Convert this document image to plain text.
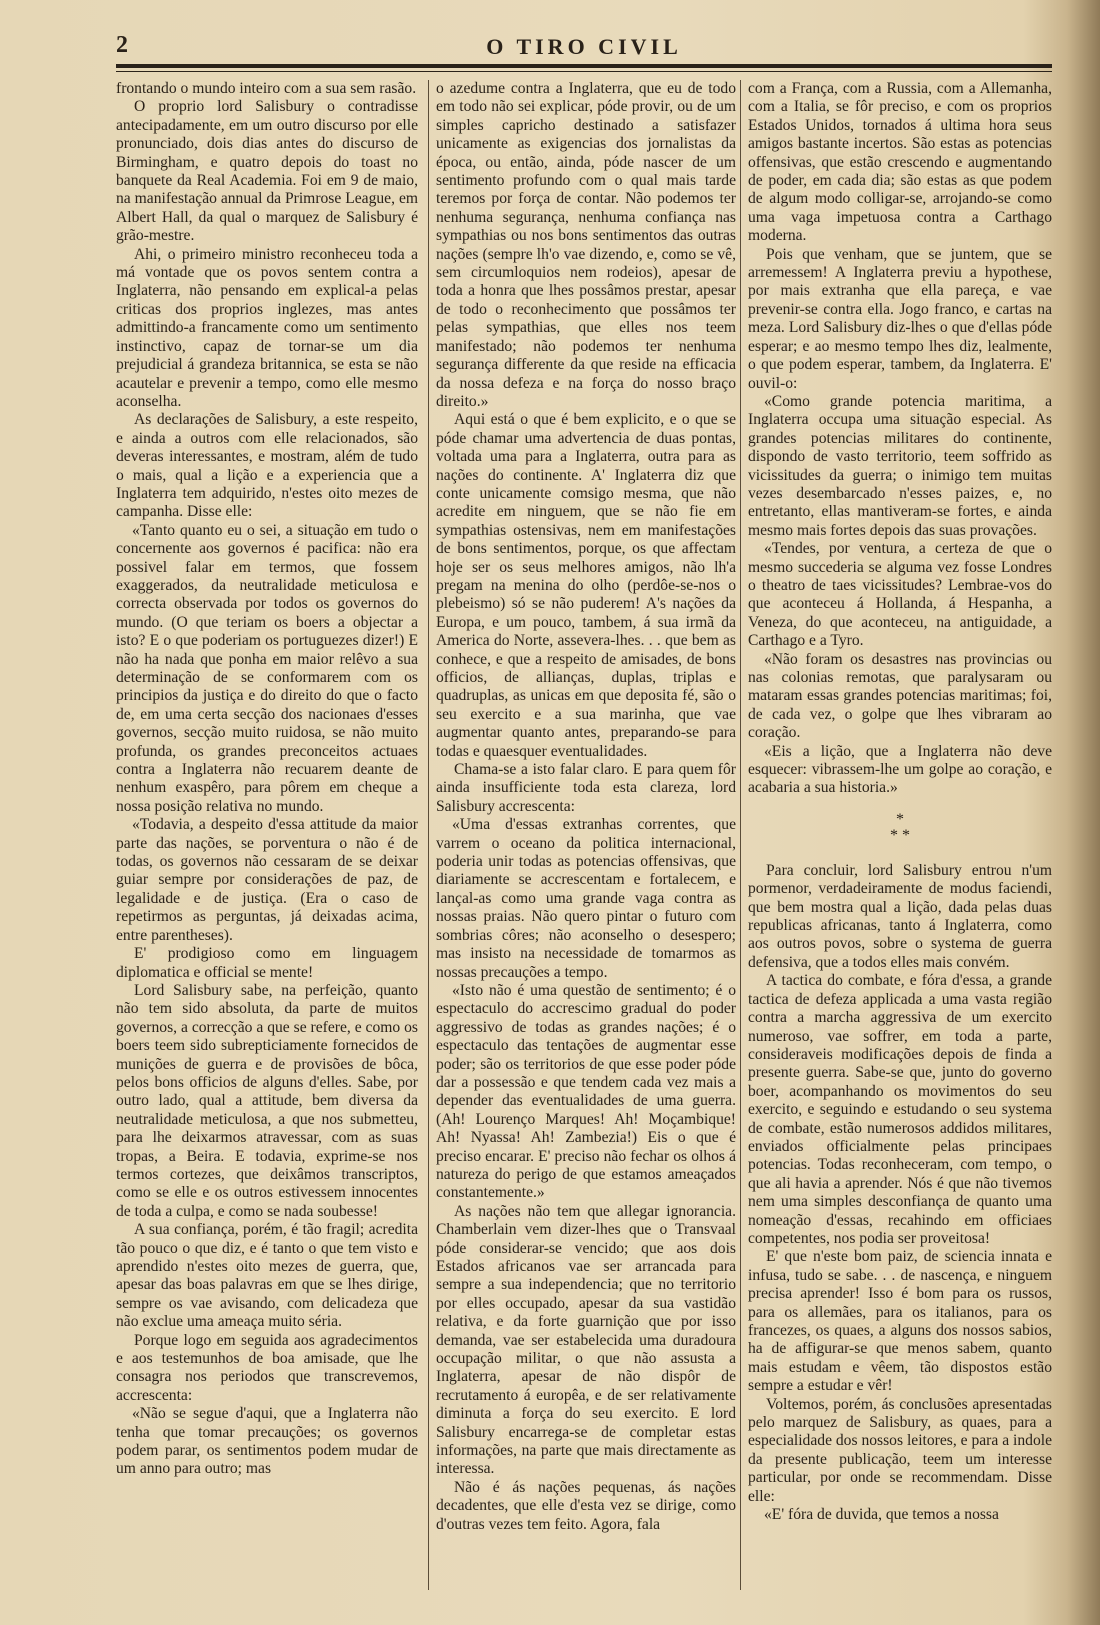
2	O TIRO CIVIL

frontando o mundo inteiro com a sua sem rasão.

O proprio lord Salisbury o contradisse antecipadamente, em um outro discurso por elle pronunciado, dois dias antes do discurso de Birmingham, e quatro depois do toast no banquete da Real Academia. Foi em 9 de maio, na manifestação annual da Primrose League, em Albert Hall, da qual o marquez de Salisbury é grão-mestre.

Ahi, o primeiro ministro reconheceu toda a má vontade que os povos sentem contra a Inglaterra, não pensando em explical-a pelas criticas dos proprios inglezes, mas antes admittindo-a francamente como um sentimento instinctivo, capaz de tornar-se um dia prejudicial á grandeza britannica, se esta se não acautelar e prevenir a tempo, como elle mesmo aconselha.

As declarações de Salisbury, a este respeito, e ainda a outros com elle relacionados, são deveras interessantes, e mostram, além de tudo o mais, qual a lição e a experiencia que a Inglaterra tem adquirido, n'estes oito mezes de campanha. Disse elle:

«Tanto quanto eu o sei, a situação em tudo o concernente aos governos é pacifica: não era possivel falar em termos, que fossem exaggerados, da neutralidade meticulosa e correcta observada por todos os governos do mundo. (O que teriam os boers a objectar a isto? E o que poderiam os portuguezes dizer!) E não ha nada que ponha em maior relêvo a sua determinação de se conformarem com os principios da justiça e do direito do que o facto de, em uma certa secção dos nacionaes d'esses governos, secção muito ruidosa, se não muito profunda, os grandes preconceitos actuaes contra a Inglaterra não recuarem deante de nenhum exaspêro, para pôrem em cheque a nossa posição relativa no mundo.

«Todavia, a despeito d'essa attitude da maior parte das nações, se porventura o não é de todas, os governos não cessaram de se deixar guiar sempre por considerações de paz, de legalidade e de justiça. (Era o caso de repetirmos as perguntas, já deixadas acima, entre parentheses).

E' prodigioso como em linguagem diplomatica e official se mente!

Lord Salisbury sabe, na perfeição, quanto não tem sido absoluta, da parte de muitos governos, a correcção a que se refere, e como os boers teem sido subrepticiamente fornecidos de munições de guerra e de provisões de bôca, pelos bons officios de alguns d'elles. Sabe, por outro lado, qual a attitude, bem diversa da neutralidade meticulosa, a que nos submetteu, para lhe deixarmos atravessar, com as suas tropas, a Beira. E todavia, exprime-se nos termos cortezes, que deixâmos transcriptos, como se elle e os outros estivessem innocentes de toda a culpa, e como se nada soubesse!

A sua confiança, porém, é tão fragil; acredita tão pouco o que diz, e é tanto o que tem visto e aprendido n'estes oito mezes de guerra, que, apesar das boas palavras em que se lhes dirige, sempre os vae avisando, com delicadeza que não exclue uma ameaça muito séria.

Porque logo em seguida aos agradecimentos e aos testemunhos de boa amisade, que lhe consagra nos periodos que transcrevemos, accrescenta:

«Não se segue d'aqui, que a Inglaterra não tenha que tomar precauções; os governos podem parar, os sentimentos podem mudar de um anno para outro; mas

o azedume contra a Inglaterra, que eu de todo em todo não sei explicar, póde provir, ou de um simples capricho destinado a satisfazer unicamente as exigencias dos jornalistas da época, ou então, ainda, póde nascer de um sentimento profundo com o qual mais tarde teremos por força de contar. Não podemos ter nenhuma segurança, nenhuma confiança nas sympathias ou nos bons sentimentos das outras nações (sempre lh'o vae dizendo, e, como se vê, sem circumloquios nem rodeios), apesar de toda a honra que lhes possâmos prestar, apesar de todo o reconhecimento que possâmos ter pelas sympathias, que elles nos teem manifestado; não podemos ter nenhuma segurança differente da que reside na efficacia da nossa defeza e na força do nosso braço direito.»

Aqui está o que é bem explicito, e o que se póde chamar uma advertencia de duas pontas, voltada uma para a Inglaterra, outra para as nações do continente. A' Inglaterra diz que conte unicamente comsigo mesma, que não acredite em ninguem, que se não fie em sympathias ostensivas, nem em manifestações de bons sentimentos, porque, os que affectam hoje ser os seus melhores amigos, não lh'a pregam na menina do olho (perdôe-se-nos o plebeismo) só se não puderem! A's nações da Europa, e um pouco, tambem, á sua irmã da America do Norte, assevera-lhes. . . que bem as conhece, e que a respeito de amisades, de bons officios, de allianças, duplas, triplas e quadruplas, as unicas em que deposita fé, são o seu exercito e a sua marinha, que vae augmentar quanto antes, preparando-se para todas e quaesquer eventualidades.

Chama-se a isto falar claro. E para quem fôr ainda insufficiente toda esta clareza, lord Salisbury accrescenta:

«Uma d'essas extranhas correntes, que varrem o oceano da politica internacional, poderia unir todas as potencias offensivas, que diariamente se accrescentam e fortalecem, e lançal-as como uma grande vaga contra as nossas praias. Não quero pintar o futuro com sombrias côres; não aconselho o desespero; mas insisto na necessidade de tomarmos as nossas precauções a tempo.

«Isto não é uma questão de sentimento; é o espectaculo do accrescimo gradual do poder aggressivo de todas as grandes nações; é o espectaculo das tentações de augmentar esse poder; são os territorios de que esse poder póde dar a possessão e que tendem cada vez mais a depender das eventualidades de uma guerra. (Ah! Lourenço Marques! Ah! Moçambique! Ah! Nyassa! Ah! Zambezia!) Eis o que é preciso encarar. E' preciso não fechar os olhos á natureza do perigo de que estamos ameaçados constantemente.»

As nações não tem que allegar ignorancia. Chamberlain vem dizer-lhes que o Transvaal póde considerar-se vencido; que aos dois Estados africanos vae ser arrancada para sempre a sua independencia; que no territorio por elles occupado, apesar da sua vastidão relativa, e da forte guarnição que por isso demanda, vae ser estabelecida uma duradoura occupação militar, o que não assusta a Inglaterra, apesar de não dispôr de recrutamento á europêa, e de ser relativamente diminuta a força do seu exercito. E lord Salisbury encarrega-se de completar estas informações, na parte que mais directamente as interessa.

Não é ás nações pequenas, ás nações decadentes, que elle d'esta vez se dirige, como d'outras vezes tem feito. Agora, fala

com a França, com a Russia, com a Allemanha, com a Italia, se fôr preciso, e com os proprios Estados Unidos, tornados á ultima hora seus amigos bastante incertos. São estas as potencias offensivas, que estão crescendo e augmentando de poder, em cada dia; são estas as que podem de algum modo colligar-se, arrojando-se como uma vaga impetuosa contra a Carthago moderna.

Pois que venham, que se juntem, que se arremessem! A Inglaterra previu a hypothese, por mais extranha que ella pareça, e vae prevenir-se contra ella. Jogo franco, e cartas na meza. Lord Salisbury diz-lhes o que d'ellas póde esperar; e ao mesmo tempo lhes diz, lealmente, o que podem esperar, tambem, da Inglaterra. E' ouvil-o:

«Como grande potencia maritima, a Inglaterra occupa uma situação especial. As grandes potencias militares do continente, dispondo de vasto territorio, teem soffrido as vicissitudes da guerra; o inimigo tem muitas vezes desembarcado n'esses paizes, e, no entretanto, ellas mantiveram-se fortes, e ainda mesmo mais fortes depois das suas provações.

«Tendes, por ventura, a certeza de que o mesmo succederia se alguma vez fosse Londres o theatro de taes vicissitudes? Lembrae-vos do que aconteceu á Hollanda, á Hespanha, a Veneza, do que aconteceu, na antiguidade, a Carthago e a Tyro.

«Não foram os desastres nas provincias ou nas colonias remotas, que paralysaram ou mataram essas grandes potencias maritimas; foi, de cada vez, o golpe que lhes vibraram ao coração.

«Eis a lição, que a Inglaterra não deve esquecer: vibrassem-lhe um golpe ao coração, e acabaria a sua historia.»

*
* *

Para concluir, lord Salisbury entrou n'um pormenor, verdadeiramente de modus faciendi, que bem mostra qual a lição, dada pelas duas republicas africanas, tanto á Inglaterra, como aos outros povos, sobre o systema de guerra defensiva, que a todos elles mais convém.

A tactica do combate, e fóra d'essa, a grande tactica de defeza applicada a uma vasta região contra a marcha aggressiva de um exercito numeroso, vae soffrer, em toda a parte, consideraveis modificações depois de finda a presente guerra. Sabe-se que, junto do governo boer, acompanhando os movimentos do seu exercito, e seguindo e estudando o seu systema de combate, estão numerosos addidos militares, enviados officialmente pelas principaes potencias. Todas reconheceram, com tempo, o que ali havia a aprender. Nós é que não tivemos nem uma simples desconfiança de quanto uma nomeação d'essas, recahindo em officiaes competentes, nos podia ser proveitosa!

E' que n'este bom paiz, de sciencia innata e infusa, tudo se sabe. . . de nascença, e ninguem precisa aprender! Isso é bom para os russos, para os allemães, para os italianos, para os francezes, os quaes, a alguns dos nossos sabios, ha de affigurar-se que menos sabem, quanto mais estudam e vêem, tão dispostos estão sempre a estudar e vêr!

Voltemos, porém, ás conclusões apresentadas pelo marquez de Salisbury, as quaes, para a especialidade dos nossos leitores, e para a indole da presente publicação, teem um interesse particular, por onde se recommendam. Disse elle:

«E' fóra de duvida, que temos a nossa
